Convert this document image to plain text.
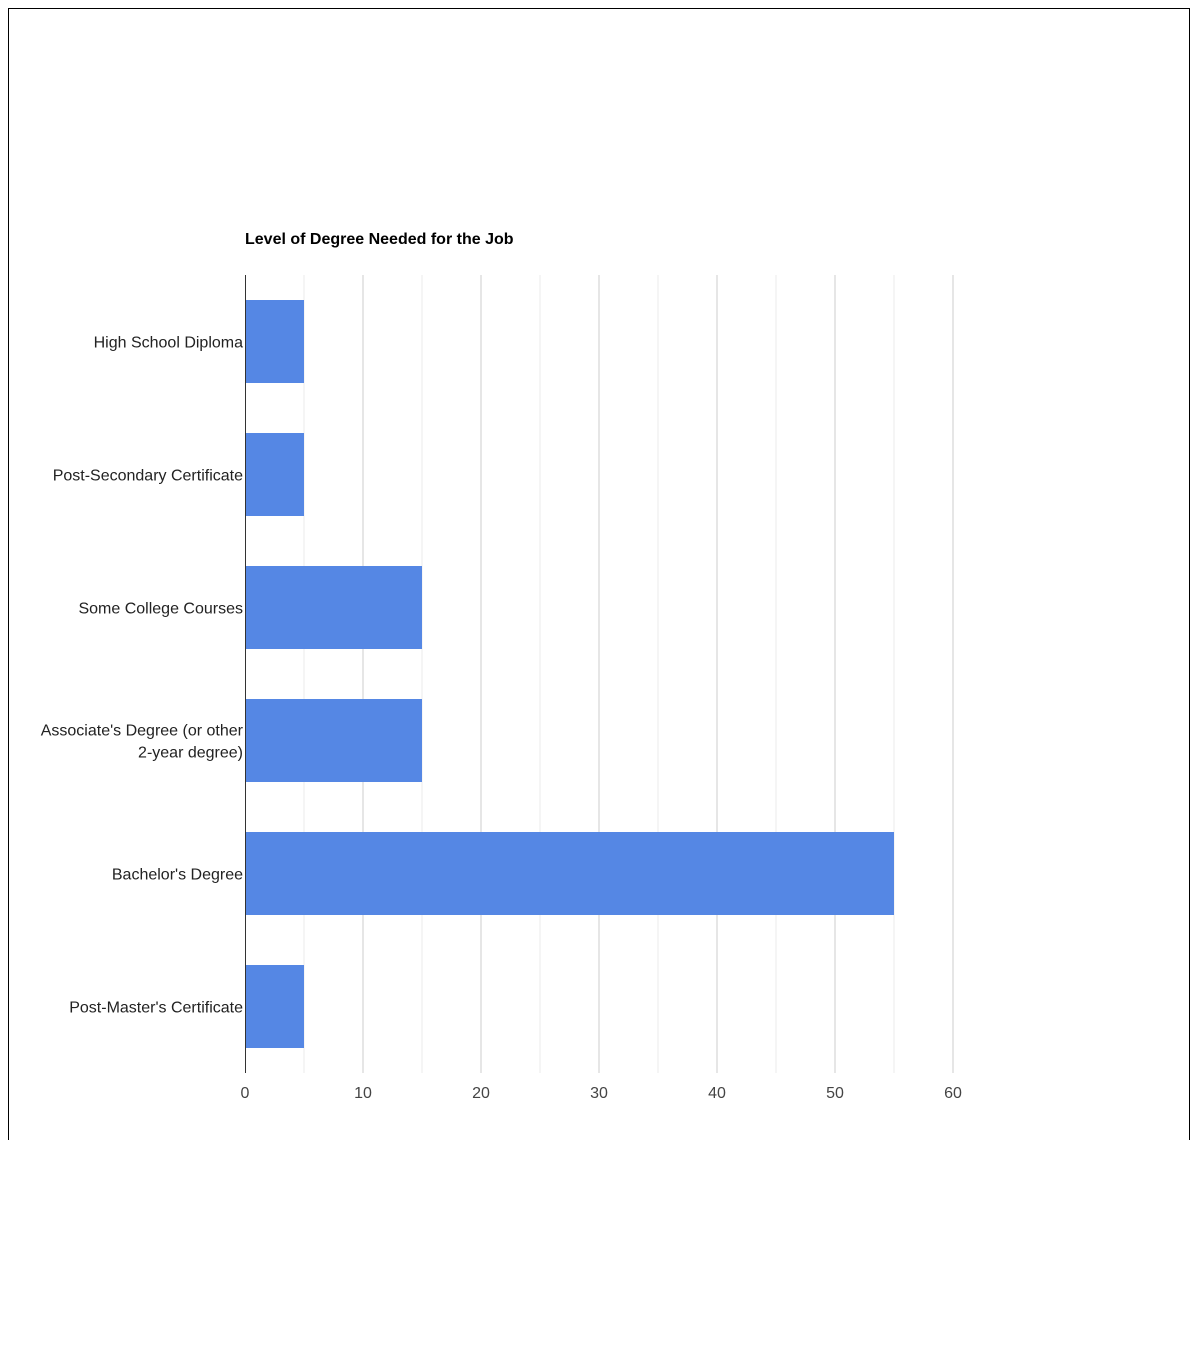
Level of Degree Needed for the Job
High School Diploma
Post-Secondary Certificate
Some College Courses
Associate's Degree (or other
2-year degree)
Bachelor's Degree
Post-Master's Certificate
0	10	20	30	40	50	60
